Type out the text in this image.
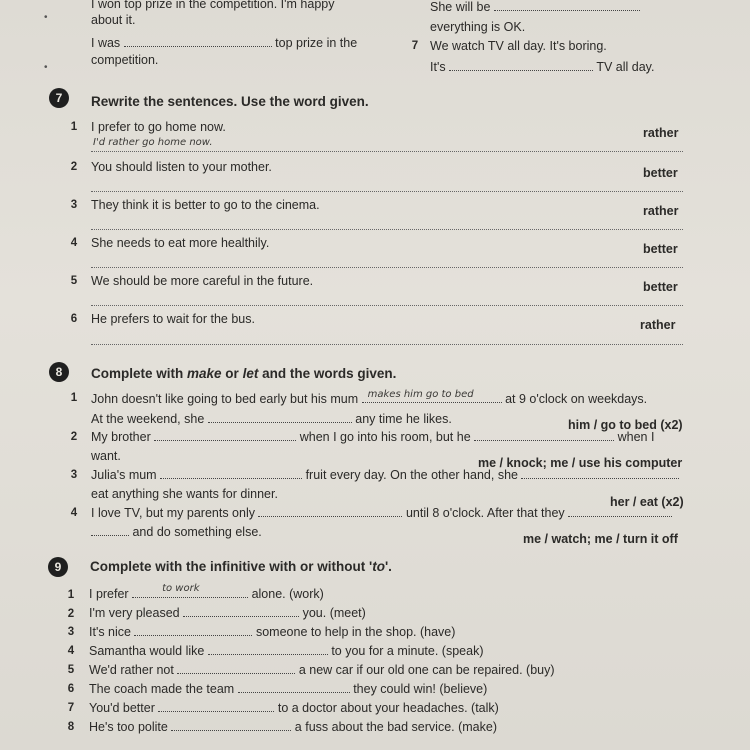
•
•
I won top prize in the competition. I'm happy
about it.
I was	top prize in the
competition.
She will be
everything is OK.
7 We watch TV all day. It's boring.
It's	TV all day.
7	Rewrite the sentences. Use the word given.
1 I prefer to go home now.	rather
I'd rather go home now.
2 You should listen to your mother.	better
3 They think it is better to go to the cinema.	rather
4 She needs to eat more healthily.	better
5 We should be more careful in the future.	better
6 He prefers to wait for the bus.	rather
8	Complete with make or let and the words given.
1 John doesn't like going to bed early but his mum makes him go to bed	at 9 o'clock on weekdays.
At the weekend, she	any time he likes.	him / go to bed (x2)
2 My brother	when I go into his room, but he	when I
want.	me / knock; me / use his computer
3 Julia's mum	fruit every day. On the other hand, she
eat anything she wants for dinner.
her / eat (x2)
4 I love TV, but my parents only	until 8 o'clock. After that they
and do something else.	me / watch; me / turn it off
9	Complete with the infinitive with or without 'to'.
1 I prefer	to work	alone. (work)
2 I'm very pleased	you. (meet)
3 It's nice	someone to help in the shop. (have)
4 Samantha would like	to you for a minute. (speak)
5 We'd rather not	a new car if our old one can be repaired. (buy)
6 The coach made the team	they could win! (believe)
7 You'd better	to a doctor about your headaches. (talk)
8 He's too polite	a fuss about the bad service. (make)
